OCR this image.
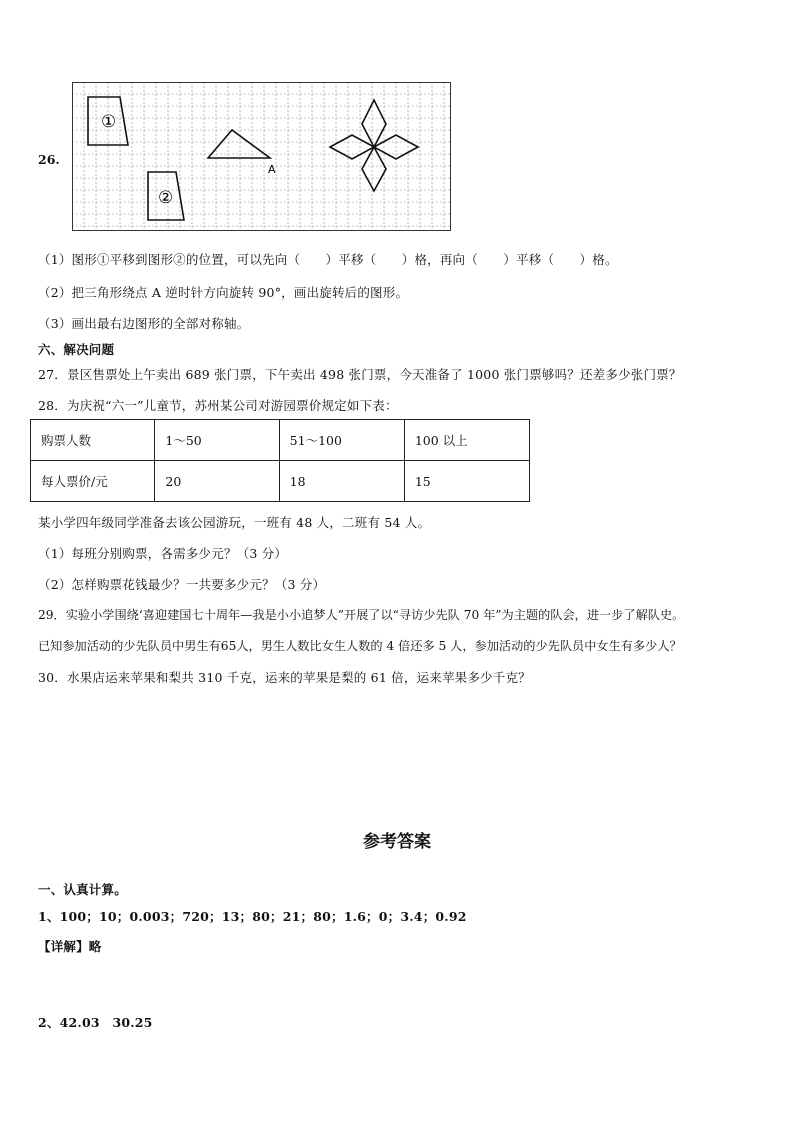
26.
①
A
②
（1）图形①平移到图形②的位置，可以先向（　　）平移（　　）格，再向（　　）平移（　　）格。
（2）把三角形绕点 A 逆时针方向旋转 90°，画出旋转后的图形。
（3）画出最右边图形的全部对称轴。
六、解决问题
27．景区售票处上午卖出 689 张门票，下午卖出 498 张门票，今天准备了 1000 张门票够吗？还差多少张门票？
28．为庆祝“六一”儿童节，苏州某公司对游园票价规定如下表：
购票人数	1～50	51～100	100 以上
每人票价/元	20	18	15
某小学四年级同学准备去该公园游玩，一班有 48 人，二班有 54 人。
（1）每班分别购票，各需多少元？（3 分）
（2）怎样购票花钱最少？一共要多少元？（3 分）
29．实验小学围绕‘喜迎建国七十周年—我是小小追梦人”开展了以“寻访少先队 70 年”为主题的队会，进一步了解队史。
已知参加活动的少先队员中男生有65人，男生人数比女生人数的 4 倍还多 5 人，参加活动的少先队员中女生有多少人？
30．水果店运来苹果和梨共 310 千克，运来的苹果是梨的 61 倍，运来苹果多少千克？
参考答案
一、认真计算。
1、100；10；0.003；720；13；80；21；80；1.6；0；3.4；0.92
【详解】略
2、42.03　30.25
